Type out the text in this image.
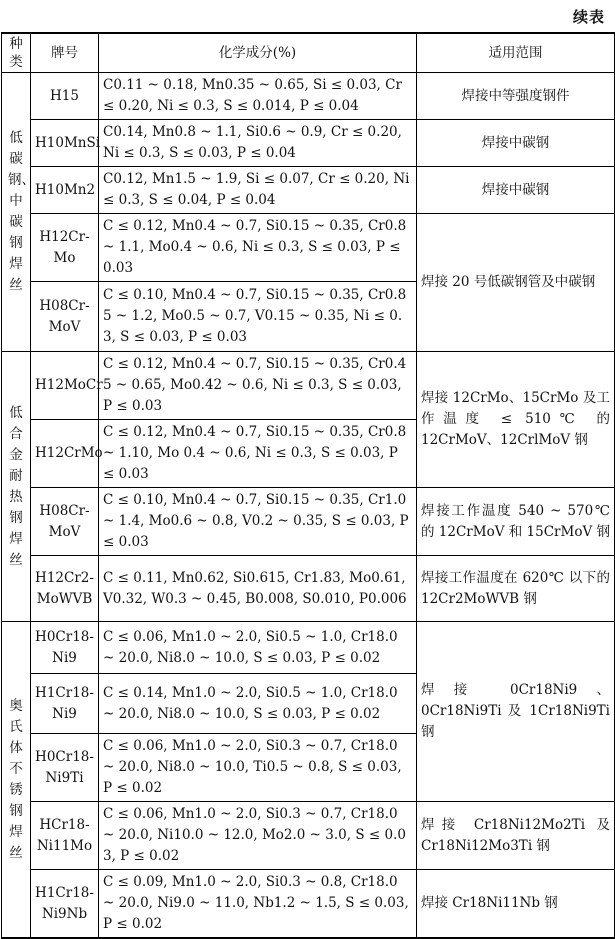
续表
种类	牌号	化学成分(%)	适用范围
低碳钢、中碳钢焊丝	H15	C0.11 ~ 0.18, Mn0.35 ~ 0.65, Si ≤ 0.03, Cr ≤ 0.20, Ni ≤ 0.3, S ≤ 0.014, P ≤ 0.04	焊接中等强度钢件
	H10MnSi	C0.14, Mn0.8 ~ 1.1, Si0.6 ~ 0.9, Cr ≤ 0.20, Ni ≤ 0.3, S ≤ 0.03, P ≤ 0.04	焊接中碳钢
	H10Mn2	C0.12, Mn1.5 ~ 1.9, Si ≤ 0.07, Cr ≤ 0.20, Ni ≤ 0.3, S ≤ 0.04, P ≤ 0.04	焊接中碳钢
	H12Cr-Mo	C ≤ 0.12, Mn0.4 ~ 0.7, Si0.15 ~ 0.35, Cr0.8 ~ 1.1, Mo0.4 ~ 0.6, Ni ≤ 0.3, S ≤ 0.03, P ≤ 0.03	焊接 20 号低碳钢管及中碳钢
	H08Cr-MoV	C ≤ 0.10, Mn0.4 ~ 0.7, Si0.15 ~ 0.35, Cr0.85 ~ 1.2, Mo0.5 ~ 0.7, V0.15 ~ 0.35, Ni ≤ 0.3, S ≤ 0.03, P ≤ 0.03	
低合金耐热钢焊丝	H12MoCr	C ≤ 0.12, Mn0.4 ~ 0.7, Si0.15 ~ 0.35, Cr0.45 ~ 0.65, Mo0.42 ~ 0.6, Ni ≤ 0.3, S ≤ 0.03, P ≤ 0.03	焊接 12CrMo、15CrMo 及工作温度 ≤ 510℃ 的 12CrMoV、12CrlMoV 钢
	H12CrMo	C ≤ 0.12, Mn0.4 ~ 0.7, Si0.15 ~ 0.35, Cr0.8 ~ 1.10, Mo 0.4 ~ 0.6, Ni ≤ 0.3, S ≤ 0.03, P ≤ 0.03	
	H08Cr-MoV	C ≤ 0.10, Mn0.4 ~ 0.7, Si0.15 ~ 0.35, Cr1.0 ~ 1.4, Mo0.6 ~ 0.8, V0.2 ~ 0.35, S ≤ 0.03, P ≤ 0.03	焊接工作温度 540 ~ 570℃ 的 12CrMoV 和 15CrMoV 钢
	H12Cr2-MoWVB	C ≤ 0.11, Mn0.62, Si0.615, Cr1.83, Mo0.61, V0.32, W0.3 ~ 0.45, B0.008, S0.010, P0.006	焊接工作温度在 620℃ 以下的 12Cr2MoWVB 钢
奥氏体不锈钢焊丝	H0Cr18-Ni9	C ≤ 0.06, Mn1.0 ~ 2.0, Si0.5 ~ 1.0, Cr18.0 ~ 20.0, Ni8.0 ~ 10.0, S ≤ 0.03, P ≤ 0.02	焊接 0Cr18Ni9、0Cr18Ni9Ti 及 1Cr18Ni9Ti 钢
	H1Cr18-Ni9	C ≤ 0.14, Mn1.0 ~ 2.0, Si0.5 ~ 1.0, Cr18.0 ~ 20.0, Ni8.0 ~ 10.0, S ≤ 0.03, P ≤ 0.02	
	H0Cr18-Ni9Ti	C ≤ 0.06, Mn1.0 ~ 2.0, Si0.3 ~ 0.7, Cr18.0 ~ 20.0, Ni8.0 ~ 10.0, Ti0.5 ~ 0.8, S ≤ 0.03, P ≤ 0.02	
	HCr18-Ni11Mo	C ≤ 0.06, Mn1.0 ~ 2.0, Si0.3 ~ 0.7, Cr18.0 ~ 20.0, Ni10.0 ~ 12.0, Mo2.0 ~ 3.0, S ≤ 0.03, P ≤ 0.02	焊接 Cr18Ni12Mo2Ti 及 Cr18Ni12Mo3Ti 钢
	H1Cr18-Ni9Nb	C ≤ 0.09, Mn1.0 ~ 2.0, Si0.3 ~ 0.8, Cr18.0 ~ 20.0, Ni9.0 ~ 11.0, Nb1.2 ~ 1.5, S ≤ 0.03, P ≤ 0.02	焊接 Cr18Ni11Nb 钢
